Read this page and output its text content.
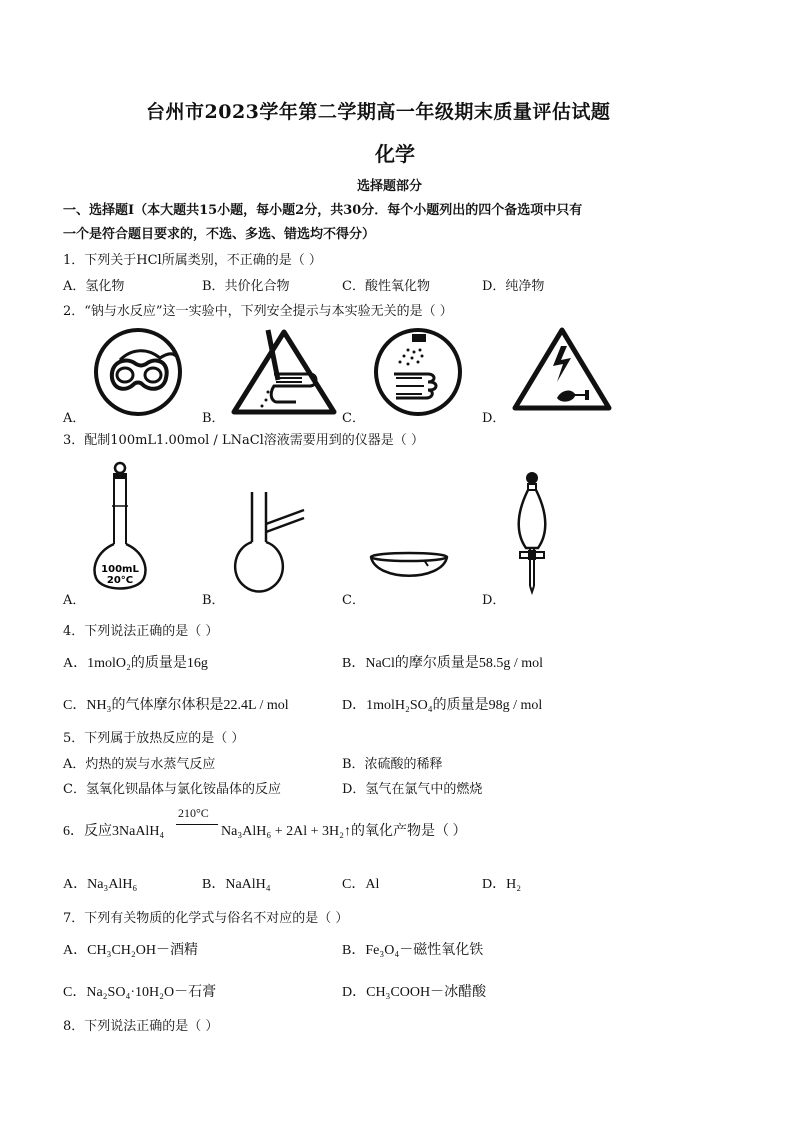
台州市2023学年第二学期高一年级期末质量评估试题
化学
选择题部分
一、选择题Ⅰ（本大题共15小题，每小题2分，共30分．每个小题列出的四个备选项中只有
一个是符合题目要求的，不选、多选、错选均不得分）
1．下列关于HCl所属类别，不正确的是（ ）
A．氢化物	B．共价化合物	C．酸性氧化物	D．纯净物
2．“钠与水反应”这一实验中，下列安全提示与本实验无关的是（ ）
A．	B．	C．	D．
3．配制100mL1.00mol / LNaCl溶液需要用到的仪器是（ ）
A．
100mL
20°C
B．	C．	D．
4．下列说法正确的是（ ）
A．1molO₂的质量是16g	B．NaCl的摩尔质量是58.5g / mol
C．NH₃的气体摩尔体积是22.4L / mol	D．1molH₂SO₄的质量是98g / mol
5．下列属于放热反应的是（ ）
A．灼热的炭与水蒸气反应	B．浓硫酸的稀释
C．氢氧化钡晶体与氯化铵晶体的反应	D．氢气在氯气中的燃烧
6．反应3NaAlH₄
210°C
Na₃AlH₆ + 2Al + 3H₂↑的氧化产物是（ ）
A．Na₃AlH₆	B．NaAlH₄	C．Al	D．H₂
7．下列有关物质的化学式与俗名不对应的是（ ）
A．CH₃CH₂OH－酒精	B．Fe₃O₄－磁性氧化铁
C．Na₂SO₄·10H₂O－石膏	D．CH₃COOH－冰醋酸
8．下列说法正确的是（ ）
